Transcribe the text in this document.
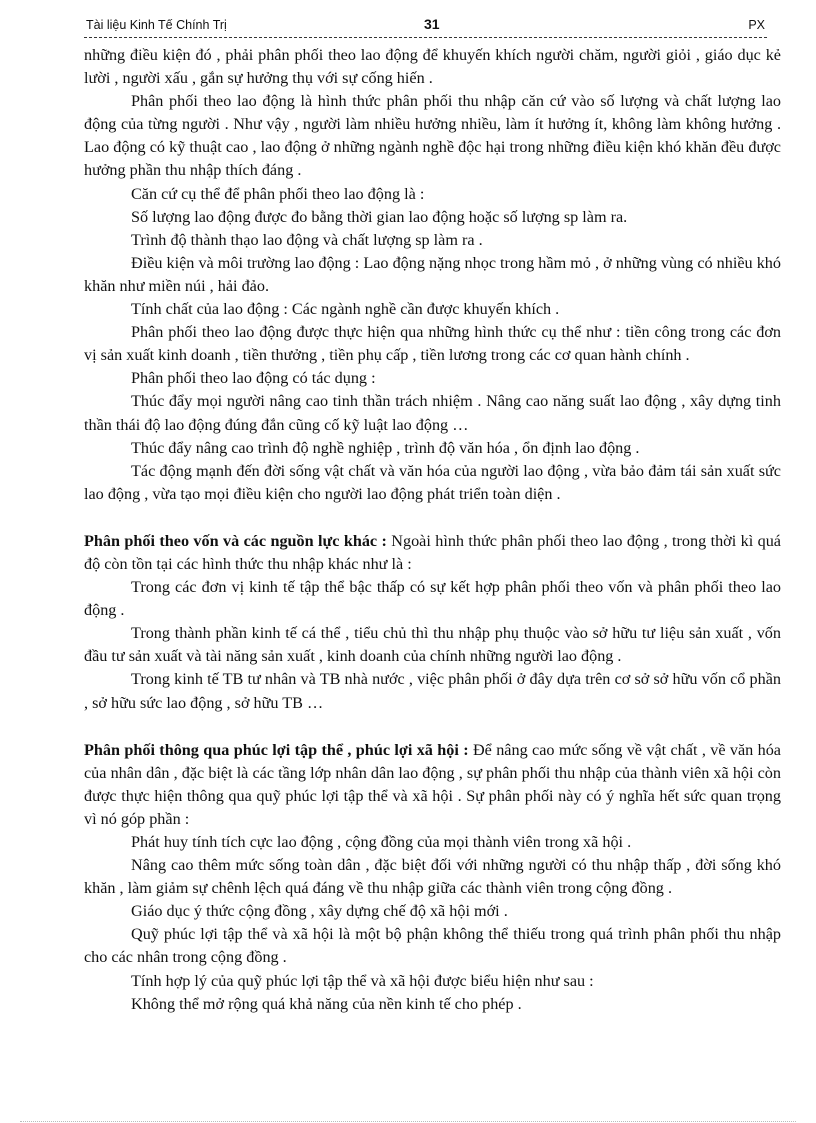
Tài liệu Kinh Tế Chính Trị	31	PX

những điều kiện đó , phải phân phối theo lao động để khuyến khích người chăm, người giỏi , giáo dục kẻ lười , người xấu , gắn sự hưởng thụ với sự cống hiến .

Phân phối theo lao động là hình thức phân phối thu nhập căn cứ vào số lượng và chất lượng lao động của từng người . Như vậy , người làm nhiều hưởng nhiều, làm ít hưởng ít, không làm không hưởng . Lao động có kỹ thuật cao , lao động ở những ngành nghề độc hại trong những điều kiện khó khăn đều được hưởng phần thu nhập thích đáng .

Căn cứ cụ thể để phân phối theo lao động là :

Số lượng lao động được đo bằng thời gian lao động hoặc số lượng sp làm ra.

Trình độ thành thạo lao động và chất lượng sp làm ra .

Điều kiện và môi trường lao động : Lao động nặng nhọc trong hầm mỏ , ở những vùng có nhiều khó khăn như miền núi , hải đảo.

Tính chất của lao động : Các ngành nghề cần được khuyến khích .

Phân phối theo lao động được thực hiện qua những hình thức cụ thể như : tiền công trong các đơn vị sản xuất kinh doanh , tiền thưởng , tiền phụ cấp , tiền lương trong các cơ quan hành chính .

Phân phối theo lao động có tác dụng :

Thúc đẩy mọi người nâng cao tinh thần trách nhiệm . Nâng cao năng suất lao động , xây dựng tinh thần thái độ lao động đúng đắn cũng cố kỹ luật lao động …

Thúc đẩy nâng cao trình độ nghề nghiệp , trình độ văn hóa , ổn định lao động .

Tác động mạnh đến đời sống vật chất và văn hóa của người lao động , vừa bảo đảm tái sản xuất sức lao động , vừa tạo mọi điều kiện cho người lao động phát triển toàn diện .

Phân phối theo vốn và các nguồn lực khác : Ngoài hình thức phân phối theo lao động , trong thời kì quá độ còn tồn tại các hình thức thu nhập khác như là :

Trong các đơn vị kinh tế tập thể bậc thấp có sự kết hợp phân phối theo vốn và phân phối theo lao động .

Trong thành phần kinh tế cá thể , tiểu chủ thì thu nhập phụ thuộc vào sở hữu tư liệu sản xuất , vốn đầu tư sản xuất và tài năng sản xuất , kinh doanh của chính những người lao động .

Trong kinh tế TB tư nhân và TB nhà nước , việc phân phối ở đây dựa trên cơ sở sở hữu vốn cổ phần , sở hữu sức lao động , sở hữu TB …

Phân phối thông qua phúc lợi tập thể , phúc lợi xã hội : Để nâng cao mức sống về vật chất , về văn hóa của nhân dân , đặc biệt là các tầng lớp nhân dân lao động , sự phân phối thu nhập của thành viên xã hội còn được thực hiện thông qua quỹ phúc lợi tập thể và xã hội . Sự phân phối này có ý nghĩa hết sức quan trọng vì nó góp phần :

Phát huy tính tích cực lao động , cộng đồng của mọi thành viên trong xã hội .

Nâng cao thêm mức sống toàn dân , đặc biệt đối với những người có thu nhập thấp , đời sống khó khăn , làm giảm sự chênh lệch quá đáng về thu nhập giữa các thành viên trong cộng đồng .

Giáo dục ý thức cộng đồng , xây dựng chế độ xã hội mới .

Quỹ phúc lợi tập thể và xã hội là một bộ phận không thể thiếu trong quá trình phân phối thu nhập cho các nhân trong cộng đồng .

Tính hợp lý của quỹ phúc lợi tập thể và xã hội được biểu hiện như sau :

Không thể mở rộng quá khả năng của nền kinh tế cho phép .
